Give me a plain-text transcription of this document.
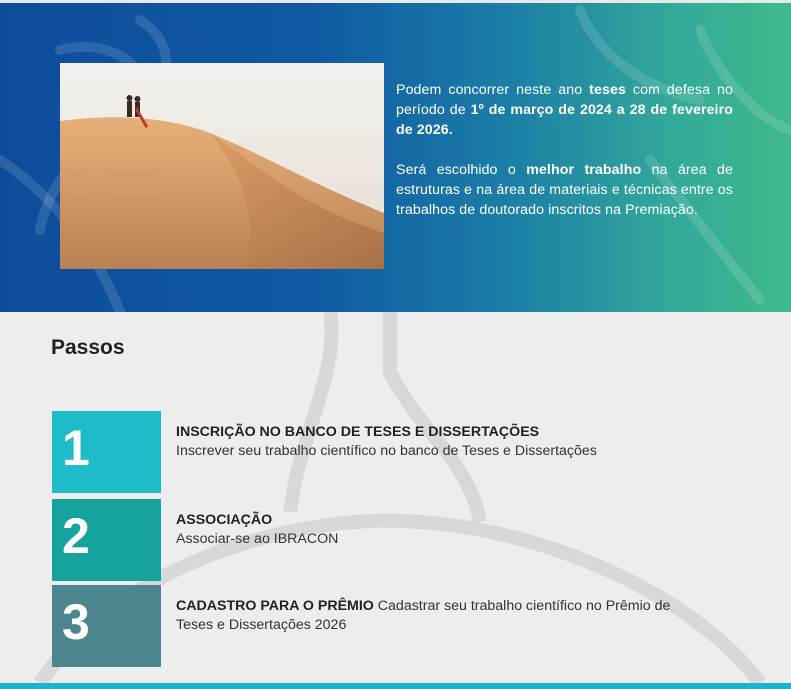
Podem concorrer neste ano teses com defesa no período de 1º de março de 2024 a 28 de fevereiro de 2026.

Será escolhido o melhor trabalho na área de estruturas e na área de materiais e técnicas entre os trabalhos de doutorado inscritos na Premiação.

Passos
1	INSCRIÇÃO NO BANCO DE TESES E DISSERTAÇÕES
Inscrever seu trabalho científico no banco de Teses e Dissertações
2	ASSOCIAÇÃO
Associar-se ao IBRACON
3	CADASTRO PARA O PRÊMIO Cadastrar seu trabalho científico no Prêmio de Teses e Dissertações 2026
